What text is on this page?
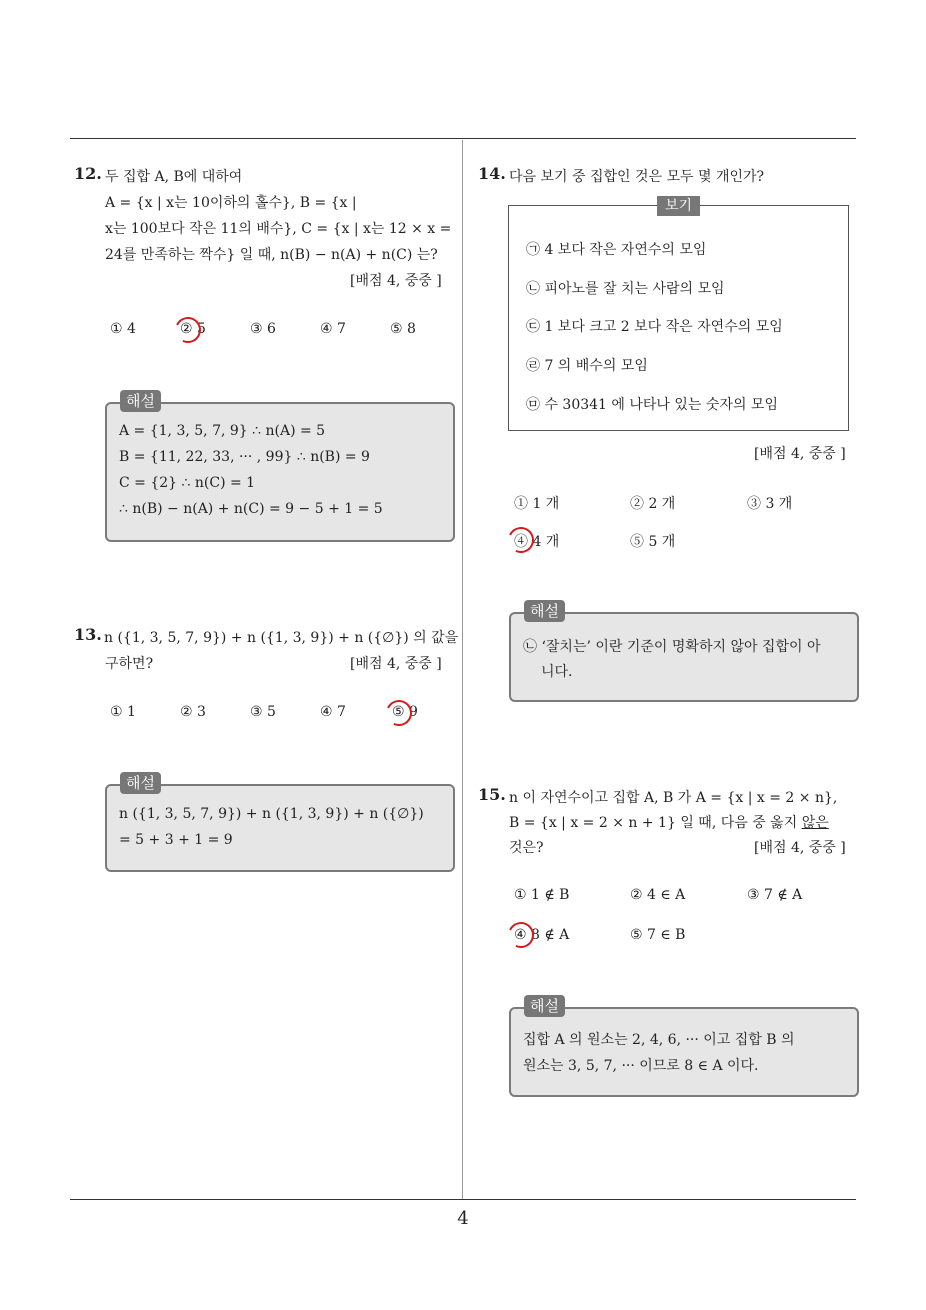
12. 두 집합 A, B에 대하여
A = {x | x는 10이하의 홀수}, B = {x |
x는 100보다 작은 11의 배수}, C = {x | x는 12 × x =
24를 만족하는 짝수} 일 때, n(B) − n(A) + n(C) 는?
[배점 4, 중중 ]
① 4	② 5	③ 6	④ 7	⑤ 8
해설
A = {1, 3, 5, 7, 9} ∴ n(A) = 5
B = {11, 22, 33, ··· , 99} ∴ n(B) = 9
C = {2} ∴ n(C) = 1
∴ n(B) − n(A) + n(C) = 9 − 5 + 1 = 5
13. n ({1, 3, 5, 7, 9}) + n ({1, 3, 9}) + n ({∅}) 의 값을
구하면?	[배점 4, 중중 ]
① 1	② 3	③ 5	④ 7	⑤ 9
해설
n ({1, 3, 5, 7, 9}) + n ({1, 3, 9}) + n ({∅})
= 5 + 3 + 1 = 9
14. 다음 보기 중 집합인 것은 모두 몇 개인가?
보기
㉠ 4 보다 작은 자연수의 모임
㉡ 피아노를 잘 치는 사람의 모임
㉢ 1 보다 크고 2 보다 작은 자연수의 모임
㉣ 7 의 배수의 모임
㉤ 수 30341 에 나타나 있는 숫자의 모임
[배점 4, 중중 ]
① 1 개	② 2 개	③ 3 개
④ 4 개	⑤ 5 개
해설
㉡ ‘잘치는’ 이란 기준이 명확하지 않아 집합이 아
니다.
15. n 이 자연수이고 집합 A, B 가 A = {x | x = 2 × n},
B = {x | x = 2 × n + 1} 일 때, 다음 중 옳지 않은
것은?	[배점 4, 중중 ]
① 1 ∉ B	② 4 ∈ A	③ 7 ∉ A
④ 8 ∉ A	⑤ 7 ∈ B
해설
집합 A 의 원소는 2, 4, 6, ··· 이고 집합 B 의
원소는 3, 5, 7, ··· 이므로 8 ∈ A 이다.
4
